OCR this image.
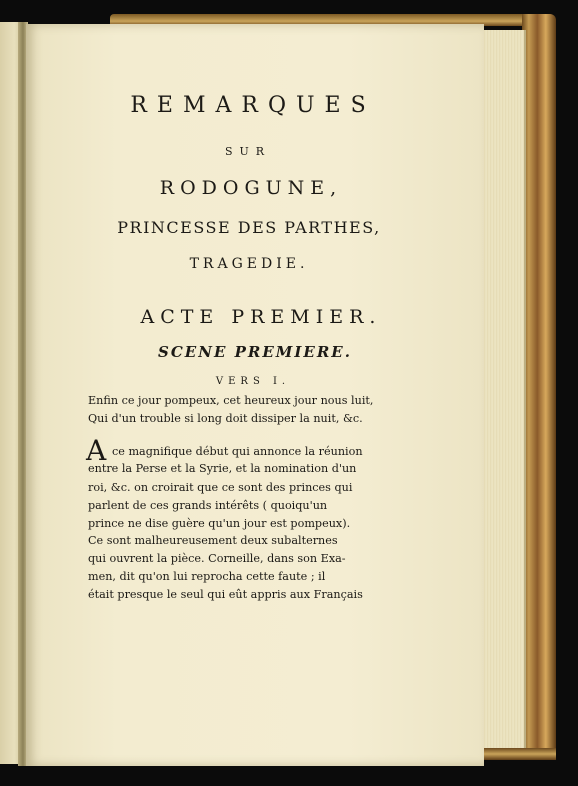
REMARQUES
SUR
RODOGUNE,
PRINCESSE DES PARTHES,
TRAGEDIE.
ACTE PREMIER.
SCENE PREMIERE.
VERS I.
Enfin ce jour pompeux, cet heureux jour nous luit,
Qui d'un trouble si long doit dissiper la nuit, &c.
A ce magnifique début qui annonce la réunion
entre la Perse et la Syrie, et la nomination d'un
roi, &c. on croirait que ce sont des princes qui
parlent de ces grands intérêts ( quoiqu'un
prince ne dise guère qu'un jour est pompeux).
Ce sont malheureusement deux subalternes
qui ouvrent la pièce. Corneille, dans son Exa-
men, dit qu'on lui reprocha cette faute ; il
était presque le seul qui eût appris aux Français
